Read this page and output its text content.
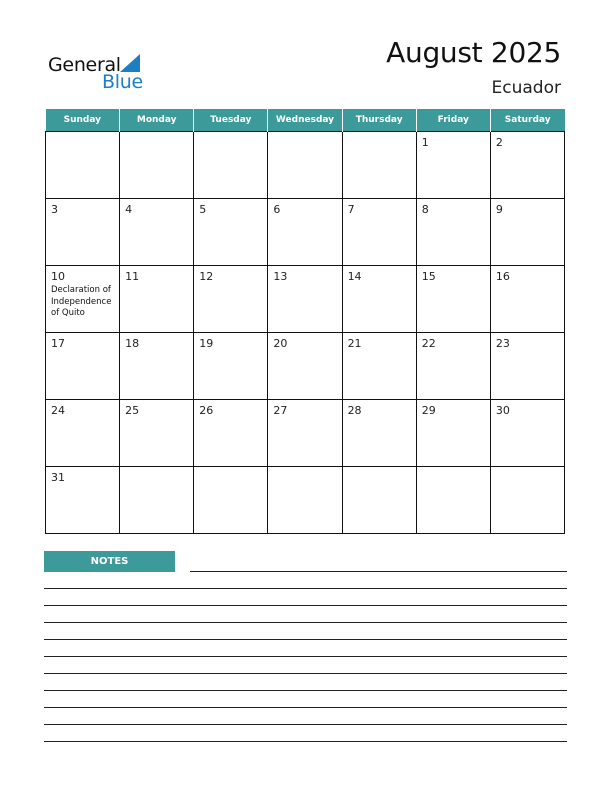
General
Blue
August 2025
Ecuador
Sunday	Monday	Tuesday	Wednesday	Thursday	Friday	Saturday

					1	2

3	4	5	6	7	8	9

10
Declaration of Independence of Quito	11	12	13	14	15	16

17	18	19	20	21	22	23

24	25	26	27	28	29	30

31						

NOTES
